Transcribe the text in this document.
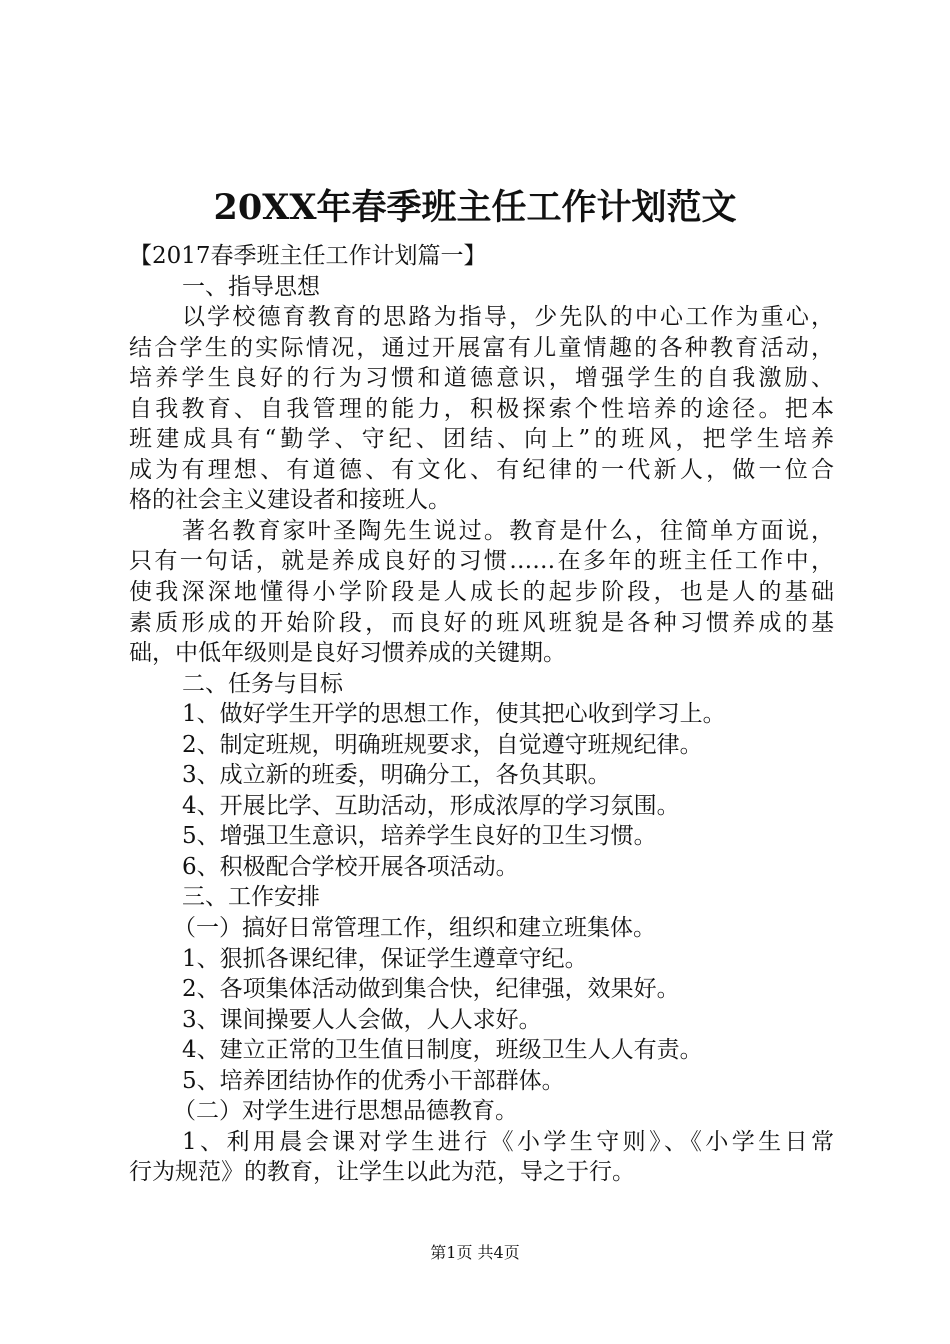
20XX年春季班主任工作计划范文
【2017春季班主任工作计划篇一】
一、指导思想
以学校德育教育的思路为指导，少先队的中心工作为重心，
结合学生的实际情况，通过开展富有儿童情趣的各种教育活动，
培养学生良好的行为习惯和道德意识，增强学生的自我激励、
自我教育、自我管理的能力，积极探索个性培养的途径。把本
班建成具有“勤学、守纪、团结、向上”的班风，把学生培养
成为有理想、有道德、有文化、有纪律的一代新人，做一位合
格的社会主义建设者和接班人。
著名教育家叶圣陶先生说过。教育是什么，往简单方面说，
只有一句话，就是养成良好的习惯……在多年的班主任工作中，
使我深深地懂得小学阶段是人成长的起步阶段，也是人的基础
素质形成的开始阶段，而良好的班风班貌是各种习惯养成的基
础，中低年级则是良好习惯养成的关键期。
二、任务与目标
1、做好学生开学的思想工作，使其把心收到学习上。
2、制定班规，明确班规要求，自觉遵守班规纪律。
3、成立新的班委，明确分工，各负其职。
4、开展比学、互助活动，形成浓厚的学习氛围。
5、增强卫生意识，培养学生良好的卫生习惯。
6、积极配合学校开展各项活动。
三、工作安排
（一）搞好日常管理工作，组织和建立班集体。
1、狠抓各课纪律，保证学生遵章守纪。
2、各项集体活动做到集合快，纪律强，效果好。
3、课间操要人人会做，人人求好。
4、建立正常的卫生值日制度，班级卫生人人有责。
5、培养团结协作的优秀小干部群体。
（二）对学生进行思想品德教育。
1、利用晨会课对学生进行《小学生守则》、《小学生日常
行为规范》的教育，让学生以此为范，导之于行。
第1页 共4页
